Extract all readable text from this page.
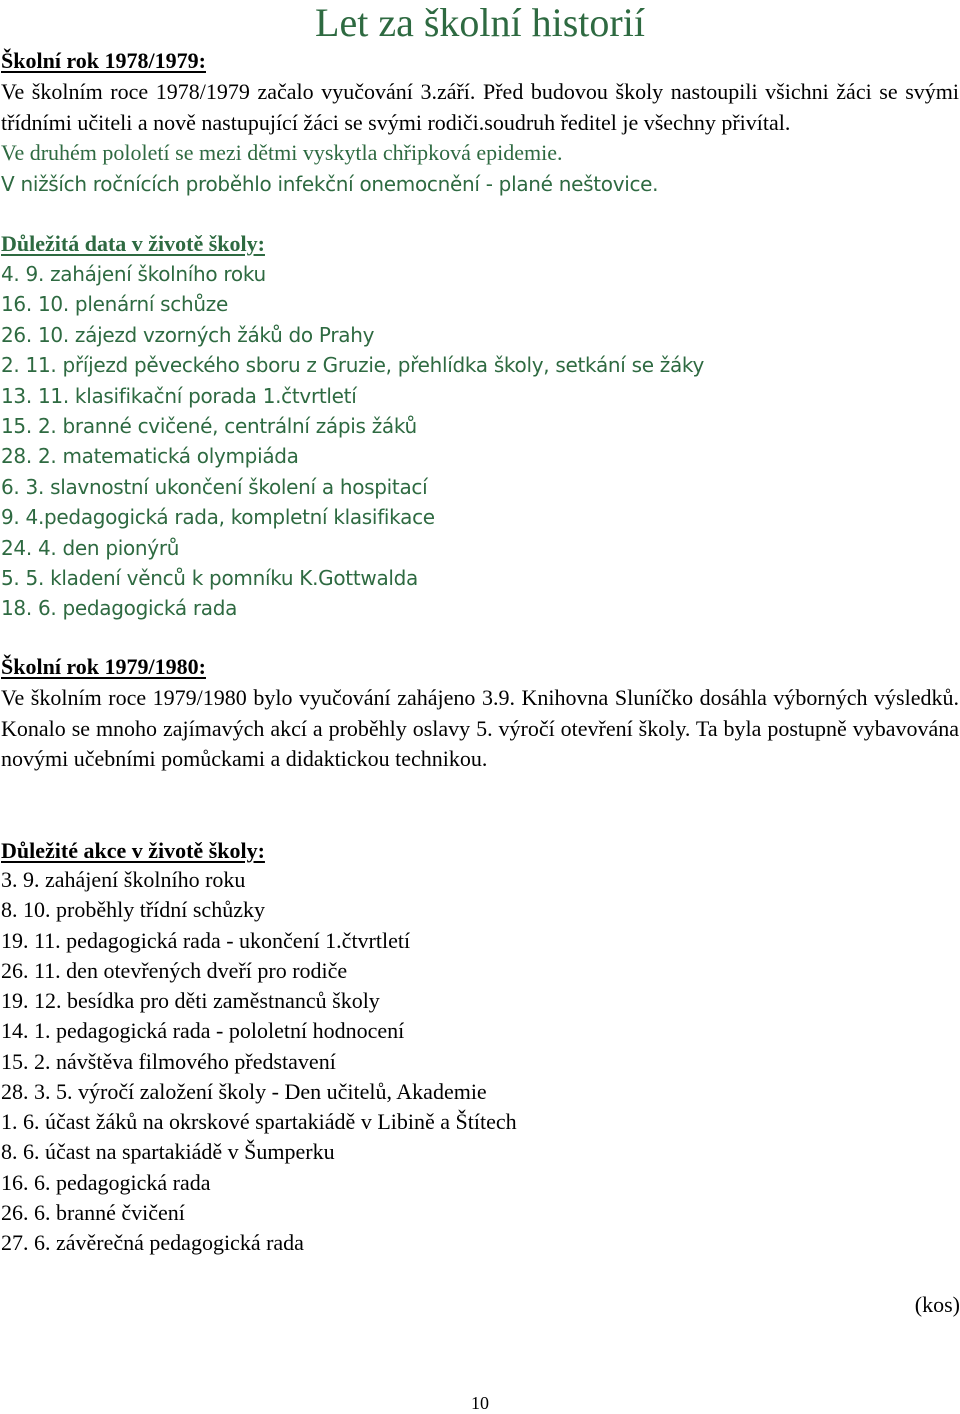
Let za školní historií
Školní rok 1978/1979:

Ve školním roce 1978/1979 začalo vyučování 3.září. Před budovou školy nastoupili všichni žáci se svými třídními učiteli a nově nastupující žáci se svými rodiči.soudruh ředitel je všechny přivítal.

Ve druhém pololetí se mezi dětmi vyskytla chřipková epidemie.

V nižších ročnících proběhlo infekční onemocnění - plané neštovice.

Důležitá data v životě školy:
4. 9. zahájení školního roku
16. 10. plenární schůze
26. 10. zájezd vzorných žáků do Prahy
2. 11. příjezd pěveckého sboru z Gruzie, přehlídka školy, setkání se žáky
13. 11. klasifikační porada 1.čtvrtletí
15. 2. branné cvičené, centrální zápis žáků
28. 2. matematická olympiáda
6. 3. slavnostní ukončení školení a hospitací
9. 4.pedagogická rada, kompletní klasifikace
24. 4. den pionýrů
5. 5. kladení věnců k pomníku K.Gottwalda
18. 6. pedagogická rada
Školní rok 1979/1980:

Ve školním roce 1979/1980 bylo vyučování zahájeno 3.9. Knihovna Sluníčko dosáhla výborných výsledků. Konalo se mnoho zajímavých akcí a proběhly oslavy 5. výročí otevření školy. Ta byla postupně vybavována novými učebními pomůckami a didaktickou technikou.

Důležité akce v životě školy:
3. 9. zahájení školního roku
8. 10. proběhly třídní schůzky
19. 11. pedagogická rada - ukončení 1.čtvrtletí
26. 11. den otevřených dveří pro rodiče
19. 12. besídka pro děti zaměstnanců školy
14. 1. pedagogická rada - pololetní hodnocení
15. 2. návštěva filmového představení
28. 3. 5. výročí založení školy - Den učitelů, Akademie
1. 6. účast žáků na okrskové spartakiádě v Libině a Štítech
8. 6. účast na spartakiádě v Šumperku
16. 6. pedagogická rada
26. 6. branné čvičení
27. 6. závěrečná pedagogická rada
(kos)
10
